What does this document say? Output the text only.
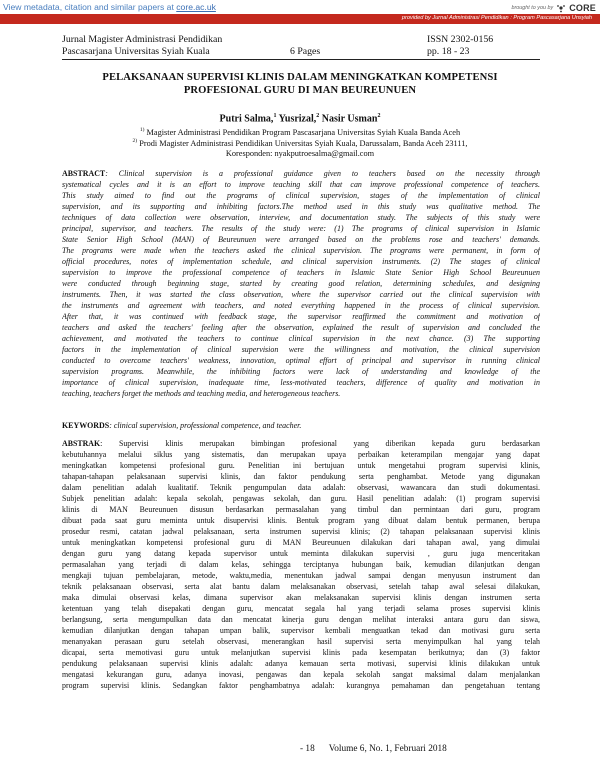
View metadata, citation and similar papers at core.ac.uk	brought to you by CORE
provided by Jurnal Administrasi Pendidikan : Program Pascasarjana Unsyiah
Jurnal Magister Administrasi Pendidikan	ISSN 2302-0156
Pascasarjana Universitas Syiah Kuala	6 Pages	pp. 18 - 23
PELAKSANAAN SUPERVISI KLINIS DALAM MENINGKATKAN KOMPETENSI
PROFESIONAL GURU DI MAN BEUREUNUEN
Putri Salma,$^1$ Yusrizal,$^2$ Nasir Usman$^2$
$^{1)}$ Magister Administrasi Pendidikan Program Pascasarjana Universitas Syiah Kuala Banda Aceh
$^{2)}$ Prodi Magister Administrasi Pendidikan Universitas Syiah Kuala, Darussalam, Banda Aceh 23111,
Koresponden: nyakputroesalma@gmail.com
ABSTRACT: Clinical supervision is a professional guidance given to teachers based on the necessity through
systematical cycles and it is an effort to improve teaching skill that can improve professional competence of teachers.
This study aimed to find out the programs of clinical supervision, stages of the implementation of clinical
supervision, and its supporting and inhibiting factors.The method used in this study was qualitative method. The
techniques of data collection were observation, interview, and documentation study. The subjects of this study were
principal, supervisor, and teachers. The results of the study were: (1) The programs of clinical supervision in Islamic
State Senior High School (MAN) of Beureunuen were arranged based on the problems rose and teachers' demands.
The programs were made when the teachers asked the clinical supervision. The programs were permanent, in form of
official procedures, notes of implementation schedule, and clinical supervision instruments. (2) The stages of clinical
supervision to improve the professional competence of teachers in Islamic State Senior High School Beureunuen
were conducted through beginning stage, started by creating good relation, determining schedules, and designing
instruments. Then, it was started the class observation, where the supervisor carried out the clinical supervision with
the instruments and agreement with teachers, and noted everything happened in the process of clinical supervision.
After that, it was continued with feedback stage, the supervisor reaffirmed the commitment and motivation of
teachers and asked the teachers' feeling after the observation, explained the result of supervision and concluded the
achievement, and motivated the teachers to continue clinical supervision in the next chance. (3) The supporting
factors in the implementation of clinical supervision were the willingness and motivation, the clinical supervision
conducted to overcome teachers' weakness, innovation, optimal effort of principal and supervisor in running clinical
supervision programs. Meanwhile, the inhibiting factors were lack of understanding and knowledge of the
importance of clinical supervision, inadequate time, less-motivated teachers, difference of quality and motivation in
teaching, teachers forget the methods and teaching media, and heterogeneous teachers.
KEYWORDS: clinical supervision, professional competence, and teacher.
ABSTRAK: Supervisi klinis merupakan bimbingan profesional yang diberikan kepada guru berdasarkan
kebutuhannya melalui siklus yang sistematis, dan merupakan upaya perbaikan keterampilan mengajar yang dapat
meningkatkan kompetensi profesional guru. Penelitian ini bertujuan untuk mengetahui program supervisi klinis,
tahapan-tahapan pelaksanaan supervisi klinis, dan faktor pendukung serta penghambat. Metode yang digunakan
dalam penelitian adalah kualitatif. Teknik pengumpulan data adalah: observasi, wawancara dan studi dokumentasi.
Subjek penelitian adalah: kepala sekolah, pengawas sekolah, dan guru. Hasil penelitian adalah: (1) program supervisi
klinis di MAN Beureunuen disusun berdasarkan permasalahan yang timbul dan permintaan dari guru, program
dibuat pada saat guru meminta untuk disupervisi klinis. Bentuk program yang dibuat dalam bentuk permanen, berupa
prosedur resmi, catatan jadwal pelaksanaan, serta instrumen supervisi klinis; (2) tahapan pelaksanaan supervisi klinis
untuk meningkatkan kompetensi profesional guru di MAN Beureunuen dilakukan dari tahapan awal, yang dimulai
dengan guru yang datang kepada supervisor untuk meminta dilakukan supervisi , guru juga menceritakan
permasalahan yang terjadi di dalam kelas, sehingga terciptanya hubungan baik, kemudian dilanjutkan dengan
mengkaji tujuan pembelajaran, metode, waktu,media, menentukan jadwal sampai dengan menyusun instrument dan
teknik pelaksanaan observasi, serta alat bantu dalam melaksanakan observasi, setelah tahap awal selesai dilakukan,
maka dimulai observasi kelas, dimana supervisor akan melaksanakan supervisi klinis dengan instrumen serta
ketentuan yang telah disepakati dengan guru, mencatat segala hal yang terjadi selama proses supervisi klinis
berlangsung, serta mengumpulkan data dan mencatat kinerja guru dengan melihat interaksi antara guru dan siswa,
kemudian dilanjutkan dengan tahapan umpan balik, supervisor kembali menguatkan tekad dan motivasi guru serta
menanyakan perasaan guru setelah observasi, menerangkan hasil supervisi serta menyimpulkan hal yang telah
dicapai, serta memotivasi guru untuk melanjutkan supervisi klinis pada kesempatan berikutnya; dan (3) faktor
pendukung pelaksanaan supervisi klinis adalah: adanya kemauan serta motivasi, supervisi klinis dilakukan untuk
mengatasi kekurangan guru, adanya inovasi, pengawas dan kepala sekolah sangat maksimal dalam menjalankan
program supervisi klinis. Sedangkan faktor penghambatnya adalah: kurangnya pemahaman dan pengetahuan tentang
- 18 Volume 6, No. 1, Februari 2018
